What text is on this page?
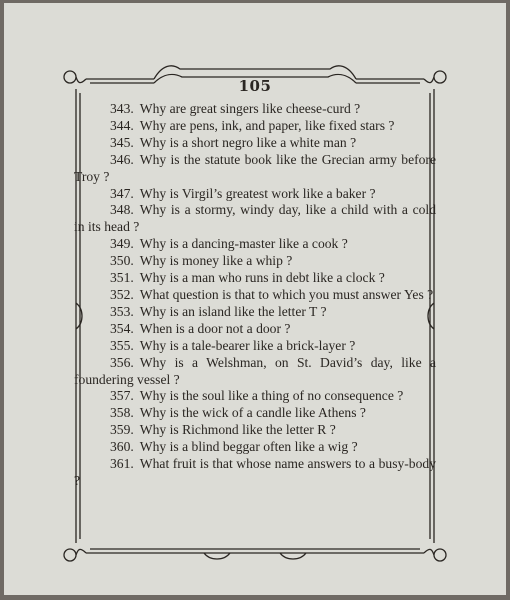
105

343. Why are great singers like cheese-curd ?

344. Why are pens, ink, and paper, like fixed stars ?

345. Why is a short negro like a white man ?

346. Why is the statute book like the Grecian army before Troy ?

347. Why is Virgil’s greatest work like a baker ?

348. Why is a stormy, windy day, like a child with a cold in its head ?

349. Why is a dancing-master like a cook ?

350. Why is money like a whip ?

351. Why is a man who runs in debt like a clock ?

352. What question is that to which you must answer Yes ?

353. Why is an island like the letter T ?

354. When is a door not a door ?

355. Why is a tale-bearer like a brick-layer ?

356. Why is a Welshman, on St. David’s day, like a foundering vessel ?

357. Why is the soul like a thing of no consequence ?

358. Why is the wick of a candle like Athens ?

359. Why is Richmond like the letter R ?

360. Why is a blind beggar often like a wig ?

361. What fruit is that whose name answers to a busy-body ?
